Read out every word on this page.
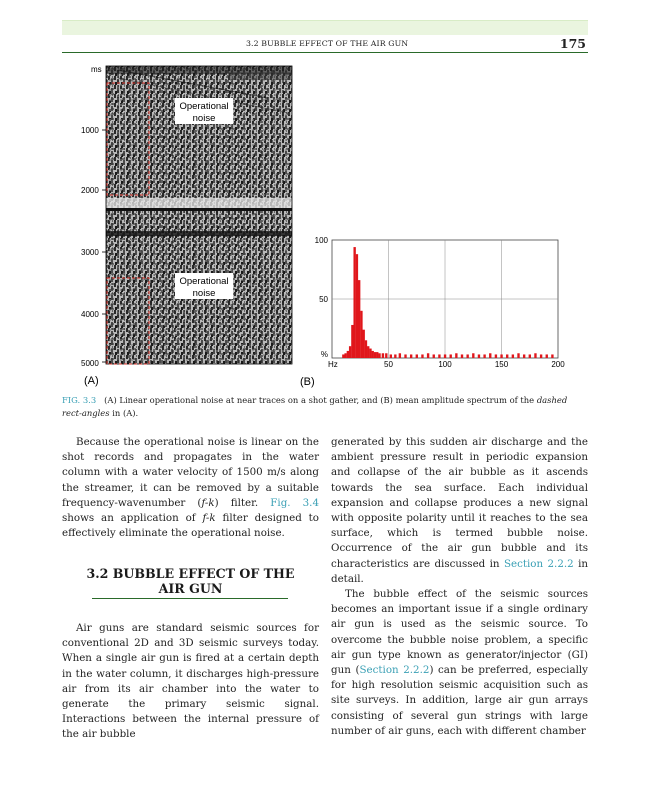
3.2 BUBBLE EFFECT OF THE AIR GUN	175
ms
1000
2000
3000
4000
5000
Operational
noise
Operational
noise
(A)
50
100
%
Hz	50	100	150	200
(B)
FIG. 3.3 (A) Linear operational noise at near traces on a shot gather, and (B) mean amplitude spectrum of the dashed rect-angles in (A).

Because the operational noise is linear on the shot records and propagates in the water column with a water velocity of 1500 m/s along the streamer, it can be removed by a suitable frequency-wavenumber (f-k) filter. Fig. 3.4 shows an application of f-k filter designed to effectively eliminate the operational noise.

3.2 BUBBLE EFFECT OF THE
AIR GUN

Air guns are standard seismic sources for conventional 2D and 3D seismic surveys today. When a single air gun is fired at a certain depth in the water column, it discharges high-pressure air from its air chamber into the water to generate the primary seismic signal. Interactions between the internal pressure of the air bubble

generated by this sudden air discharge and the ambient pressure result in periodic expansion and collapse of the air bubble as it ascends towards the sea surface. Each individual expansion and collapse produces a new signal with opposite polarity until it reaches to the sea surface, which is termed bubble noise. Occurrence of the air gun bubble and its characteristics are discussed in Section 2.2.2 in detail.

The bubble effect of the seismic sources becomes an important issue if a single ordinary air gun is used as the seismic source. To overcome the bubble noise problem, a specific air gun type known as generator/injector (GI) gun (Section 2.2.2) can be preferred, especially for high resolution seismic acquisition such as site surveys. In addition, large air gun arrays consisting of several gun strings with large number of air guns, each with different chamber
